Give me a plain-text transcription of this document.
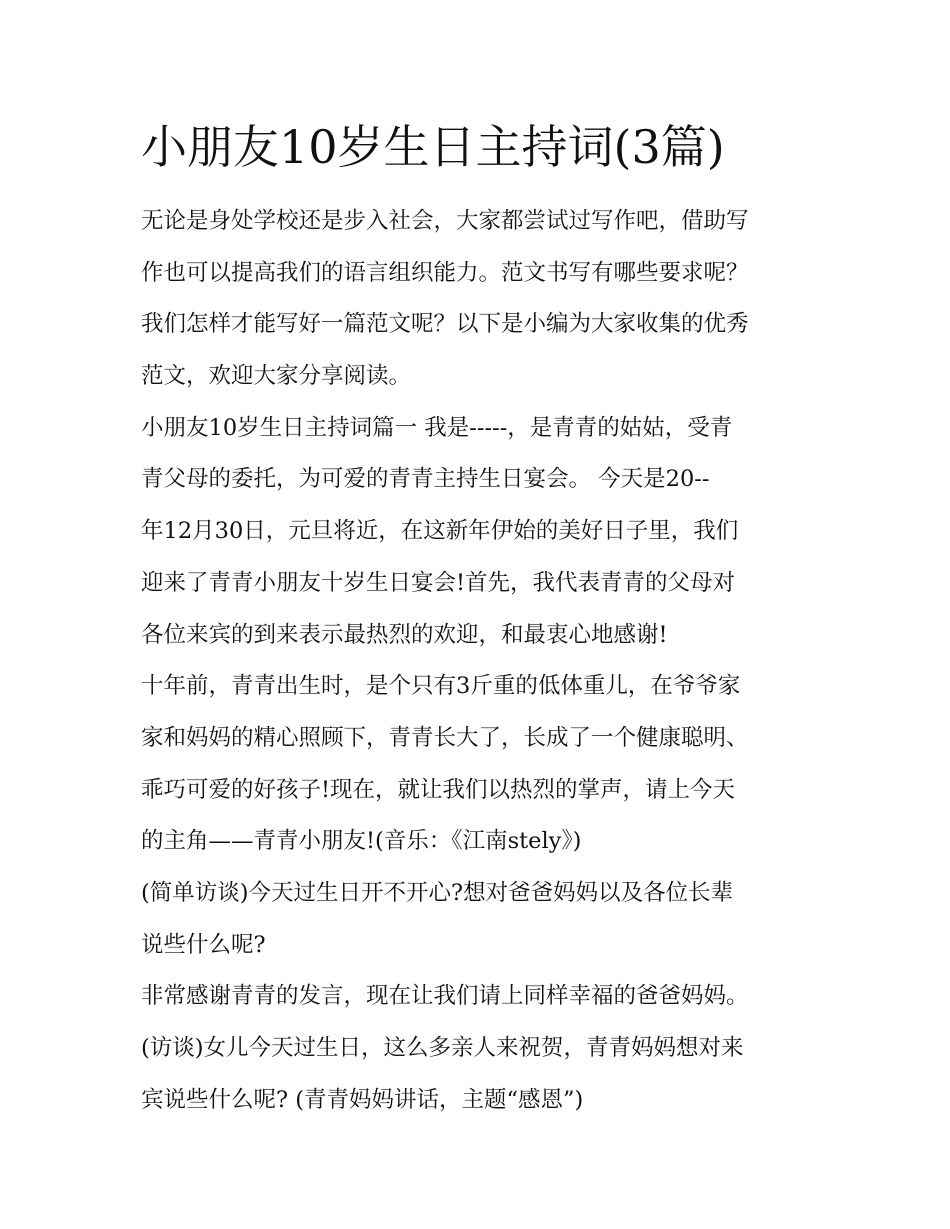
小朋友10岁生日主持词(3篇)
无论是身处学校还是步入社会，大家都尝试过写作吧，借助写
作也可以提高我们的语言组织能力。范文书写有哪些要求呢？
我们怎样才能写好一篇范文呢？以下是小编为大家收集的优秀
范文，欢迎大家分享阅读。
小朋友10岁生日主持词篇一 我是-----，是青青的姑姑，受青
青父母的委托，为可爱的青青主持生日宴会。 今天是20--
年12月30日，元旦将近，在这新年伊始的美好日子里，我们
迎来了青青小朋友十岁生日宴会!首先，我代表青青的父母对
各位来宾的到来表示最热烈的欢迎，和最衷心地感谢!
十年前，青青出生时，是个只有3斤重的低体重儿，在爷爷家
家和妈妈的精心照顾下，青青长大了，长成了一个健康聪明、
乖巧可爱的好孩子!现在，就让我们以热烈的掌声，请上今天
的主角——青青小朋友!(音乐：《江南stely》)
(简单访谈)今天过生日开不开心?想对爸爸妈妈以及各位长辈
说些什么呢?
非常感谢青青的发言，现在让我们请上同样幸福的爸爸妈妈。
(访谈)女儿今天过生日，这么多亲人来祝贺，青青妈妈想对来
宾说些什么呢? (青青妈妈讲话，主题“感恩”)
